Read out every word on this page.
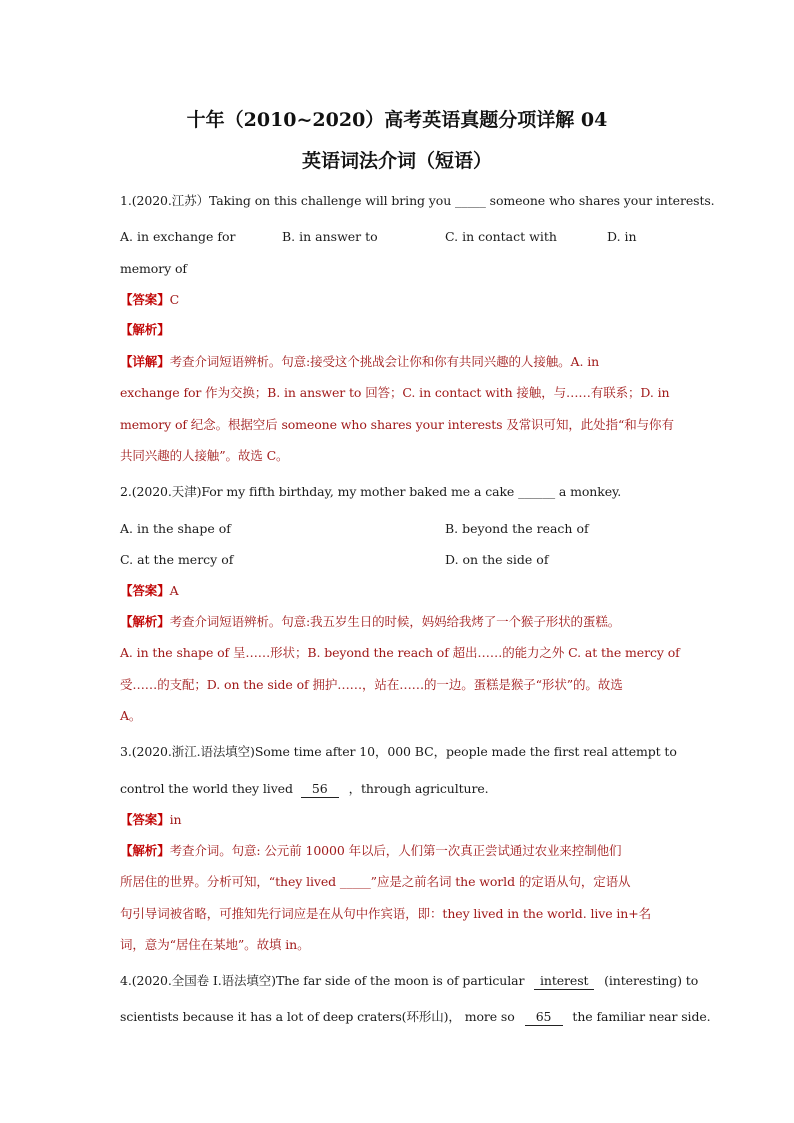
十年（2010~2020）高考英语真题分项详解 04
英语词法介词（短语）
1.(2020.江苏）Taking on this challenge will bring you _____ someone who shares your interests.
A. in exchange for	B. in answer to	C. in contact with	D. in
memory of
【答案】C
【解析】
【详解】考查介词短语辨析。句意:接受这个挑战会让你和你有共同兴趣的人接触。A. in
exchange for 作为交换；B. in answer to 回答；C. in contact with 接触，与……有联系；D. in
memory of 纪念。根据空后 someone who shares your interests 及常识可知，此处指“和与你有
共同兴趣的人接触”。故选 C。
2.(2020.天津)For my fifth birthday, my mother baked me a cake ______ a monkey.
A. in the shape of	B. beyond the reach of
C. at the mercy of	D. on the side of
【答案】A
【解析】考查介词短语辨析。句意:我五岁生日的时候，妈妈给我烤了一个猴子形状的蛋糕。
A. in the shape of 呈……形状；B. beyond the reach of 超出……的能力之外 C. at the mercy of
受……的支配；D. on the side of 拥护……，站在……的一边。蛋糕是猴子“形状”的。故选
A。
3.(2020.浙江.语法填空)Some time after 10，000 BC，people made the first real attempt to
control the world they lived 56 ，through agriculture.
【答案】in
【解析】考查介词。句意: 公元前 10000 年以后，人们第一次真正尝试通过农业来控制他们
所居住的世界。分析可知，“they lived _____”应是之前名词 the world 的定语从句，定语从
句引导词被省略，可推知先行词应是在从句中作宾语，即：they lived in the world. live in+名
词，意为“居住在某地”。故填 in。
4.(2020.全国卷 I.语法填空)The far side of the moon is of particular interest (interesting) to
scientists because it has a lot of deep craters(环形山)， more so 65 the familiar near side.
